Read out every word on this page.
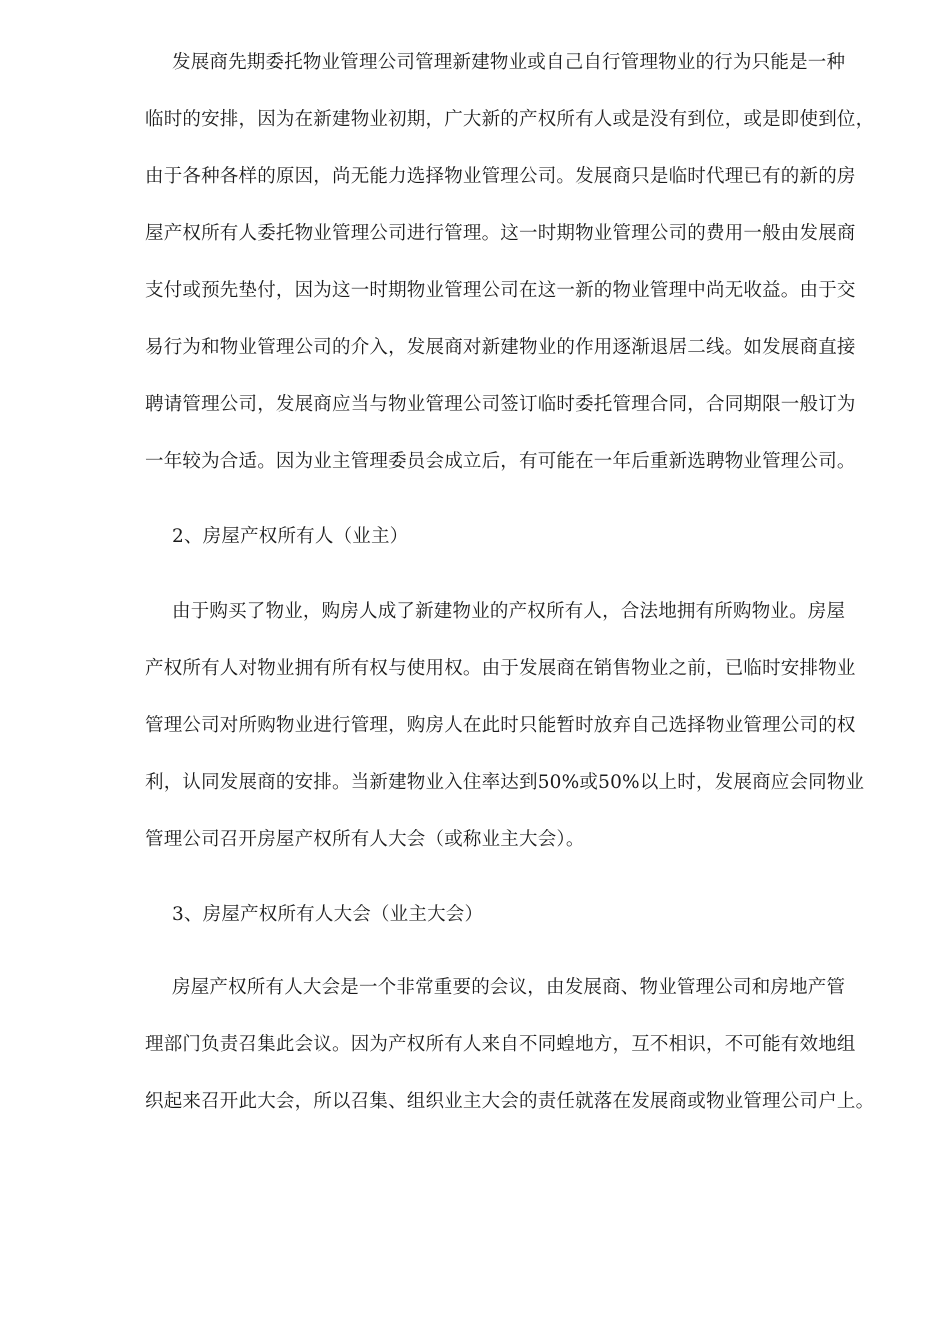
发展商先期委托物业管理公司管理新建物业或自己自行管理物业的行为只能是一种
临时的安排，因为在新建物业初期，广大新的产权所有人或是没有到位，或是即使到位，
由于各种各样的原因，尚无能力选择物业管理公司。发展商只是临时代理已有的新的房
屋产权所有人委托物业管理公司进行管理。这一时期物业管理公司的费用一般由发展商
支付或预先垫付，因为这一时期物业管理公司在这一新的物业管理中尚无收益。由于交
易行为和物业管理公司的介入，发展商对新建物业的作用逐渐退居二线。如发展商直接
聘请管理公司，发展商应当与物业管理公司签订临时委托管理合同，合同期限一般订为
一年较为合适。因为业主管理委员会成立后，有可能在一年后重新选聘物业管理公司。
2、房屋产权所有人（业主）
由于购买了物业，购房人成了新建物业的产权所有人，合法地拥有所购物业。房屋
产权所有人对物业拥有所有权与使用权。由于发展商在销售物业之前，已临时安排物业
管理公司对所购物业进行管理，购房人在此时只能暂时放弃自己选择物业管理公司的权
利，认同发展商的安排。当新建物业入住率达到50%或50%以上时，发展商应会同物业
管理公司召开房屋产权所有人大会（或称业主大会）。
3、房屋产权所有人大会（业主大会）
房屋产权所有人大会是一个非常重要的会议，由发展商、物业管理公司和房地产管
理部门负责召集此会议。因为产权所有人来自不同蝗地方，互不相识，不可能有效地组
织起来召开此大会，所以召集、组织业主大会的责任就落在发展商或物业管理公司户上。
